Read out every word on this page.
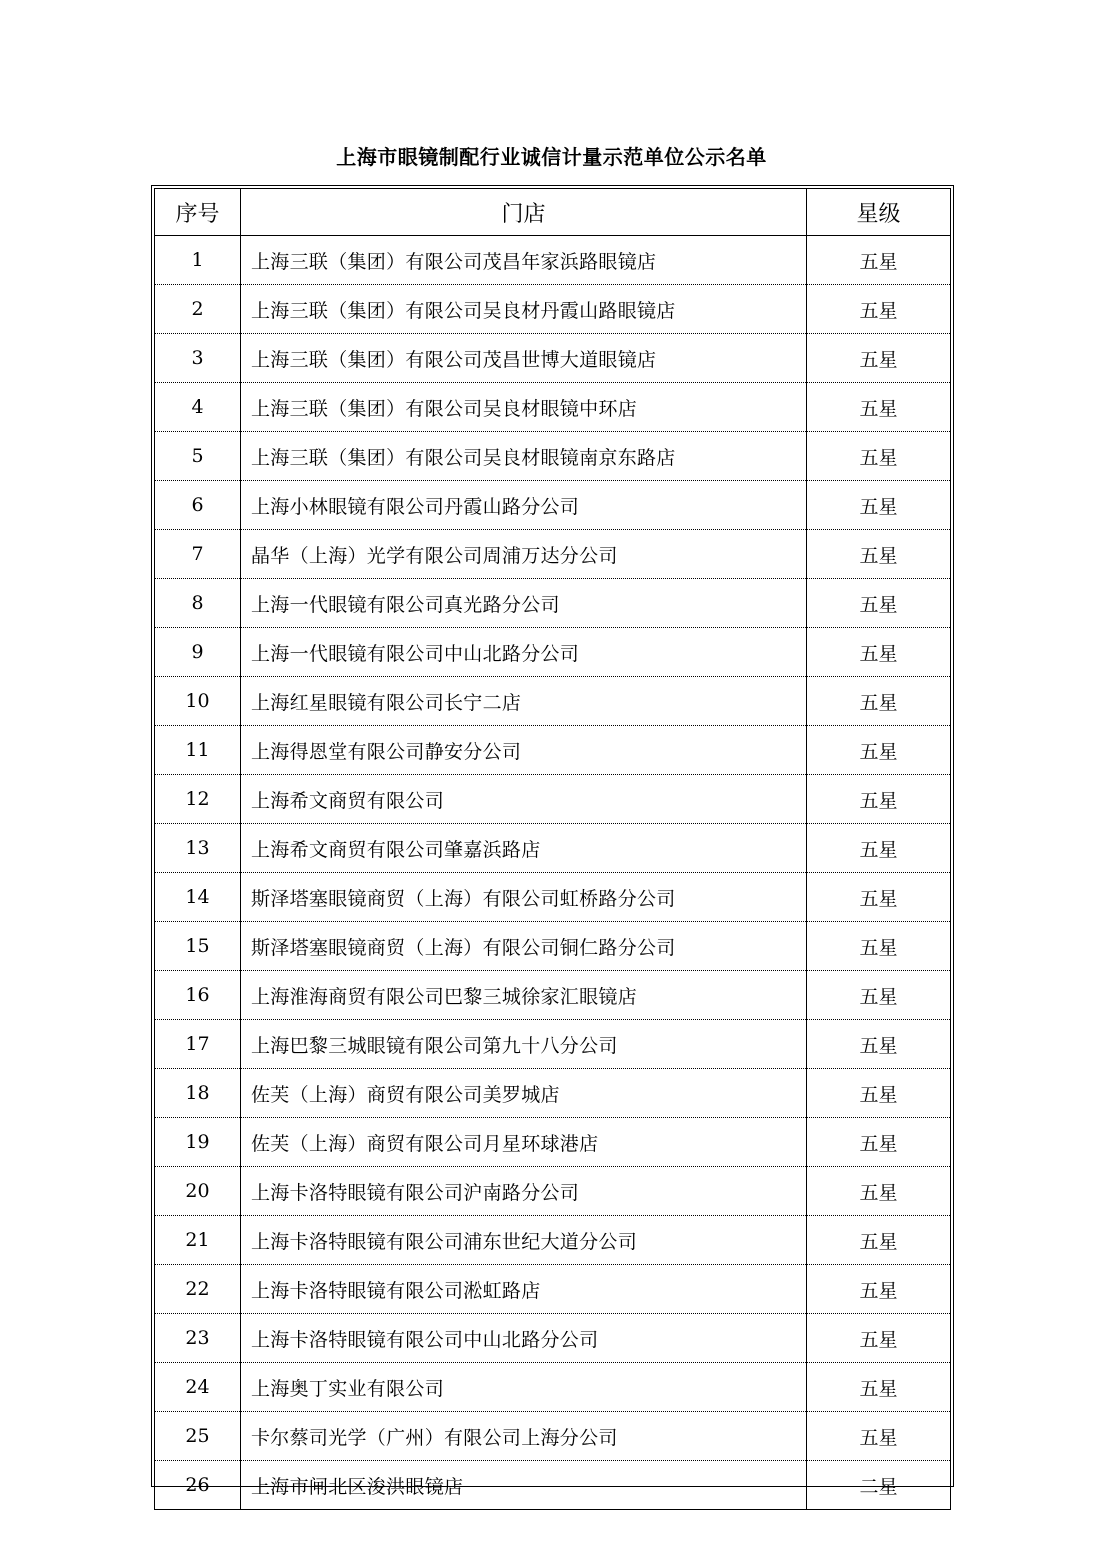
上海市眼镜制配行业诚信计量示范单位公示名单
序号	门店	星级
1	上海三联（集团）有限公司茂昌年家浜路眼镜店	五星
2	上海三联（集团）有限公司吴良材丹霞山路眼镜店	五星
3	上海三联（集团）有限公司茂昌世博大道眼镜店	五星
4	上海三联（集团）有限公司吴良材眼镜中环店	五星
5	上海三联（集团）有限公司吴良材眼镜南京东路店	五星
6	上海小林眼镜有限公司丹霞山路分公司	五星
7	晶华（上海）光学有限公司周浦万达分公司	五星
8	上海一代眼镜有限公司真光路分公司	五星
9	上海一代眼镜有限公司中山北路分公司	五星
10	上海红星眼镜有限公司长宁二店	五星
11	上海得恩堂有限公司静安分公司	五星
12	上海希文商贸有限公司	五星
13	上海希文商贸有限公司肇嘉浜路店	五星
14	斯泽塔塞眼镜商贸（上海）有限公司虹桥路分公司	五星
15	斯泽塔塞眼镜商贸（上海）有限公司铜仁路分公司	五星
16	上海淮海商贸有限公司巴黎三城徐家汇眼镜店	五星
17	上海巴黎三城眼镜有限公司第九十八分公司	五星
18	佐芙（上海）商贸有限公司美罗城店	五星
19	佐芙（上海）商贸有限公司月星环球港店	五星
20	上海卡洛特眼镜有限公司沪南路分公司	五星
21	上海卡洛特眼镜有限公司浦东世纪大道分公司	五星
22	上海卡洛特眼镜有限公司淞虹路店	五星
23	上海卡洛特眼镜有限公司中山北路分公司	五星
24	上海奥丁实业有限公司	五星
25	卡尔蔡司光学（广州）有限公司上海分公司	五星
26	上海市闸北区浚洪眼镜店	二星
